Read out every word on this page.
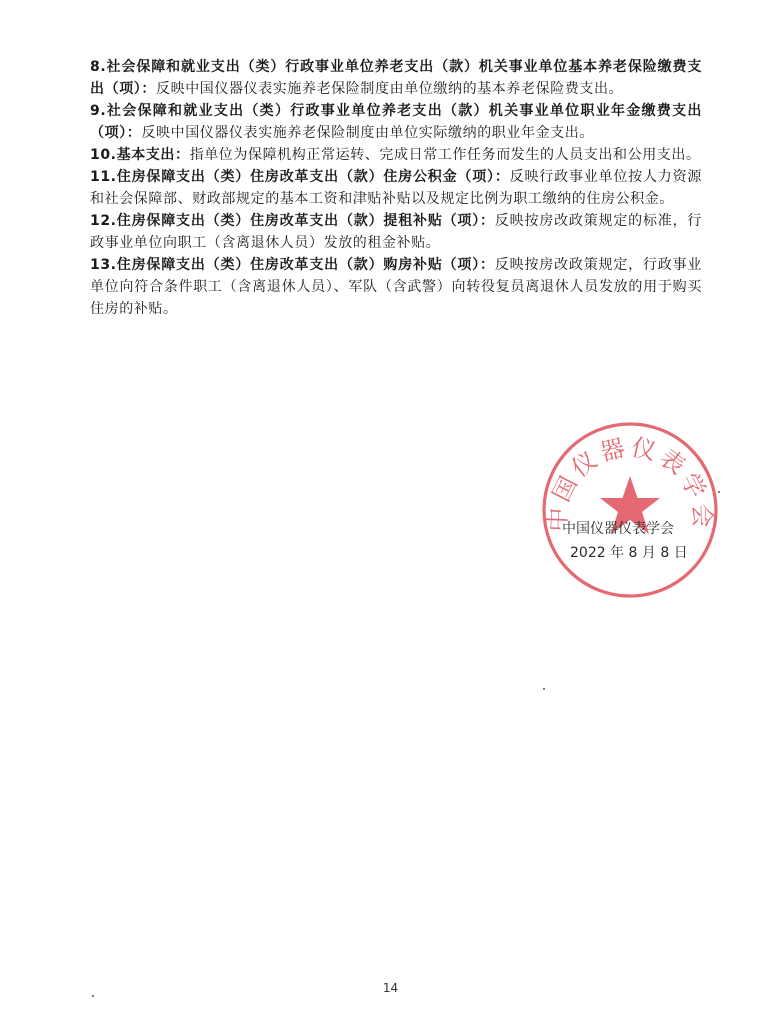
8.社会保障和就业支出（类）行政事业单位养老支出（款）机关事业单位基本养老保险缴费支出（项）：反映中国仪器仪表实施养老保险制度由单位缴纳的基本养老保险费支出。

9.社会保障和就业支出（类）行政事业单位养老支出（款）机关事业单位职业年金缴费支出（项）：反映中国仪器仪表实施养老保险制度由单位实际缴纳的职业年金支出。

10.基本支出：指单位为保障机构正常运转、完成日常工作任务而发生的人员支出和公用支出。

11.住房保障支出（类）住房改革支出（款）住房公积金（项）：反映行政事业单位按人力资源和社会保障部、财政部规定的基本工资和津贴补贴以及规定比例为职工缴纳的住房公积金。

12.住房保障支出（类）住房改革支出（款）提租补贴（项）：反映按房改政策规定的标准，行政事业单位向职工（含离退休人员）发放的租金补贴。

13.住房保障支出（类）住房改革支出（款）购房补贴（项）：反映按房改政策规定，行政事业单位向符合条件职工（含离退休人员）、军队（含武警）向转役复员离退休人员发放的用于购买住房的补贴。

中国仪器仪表学会
中国仪器仪表学会
2022 年 8 月 8 日
14
